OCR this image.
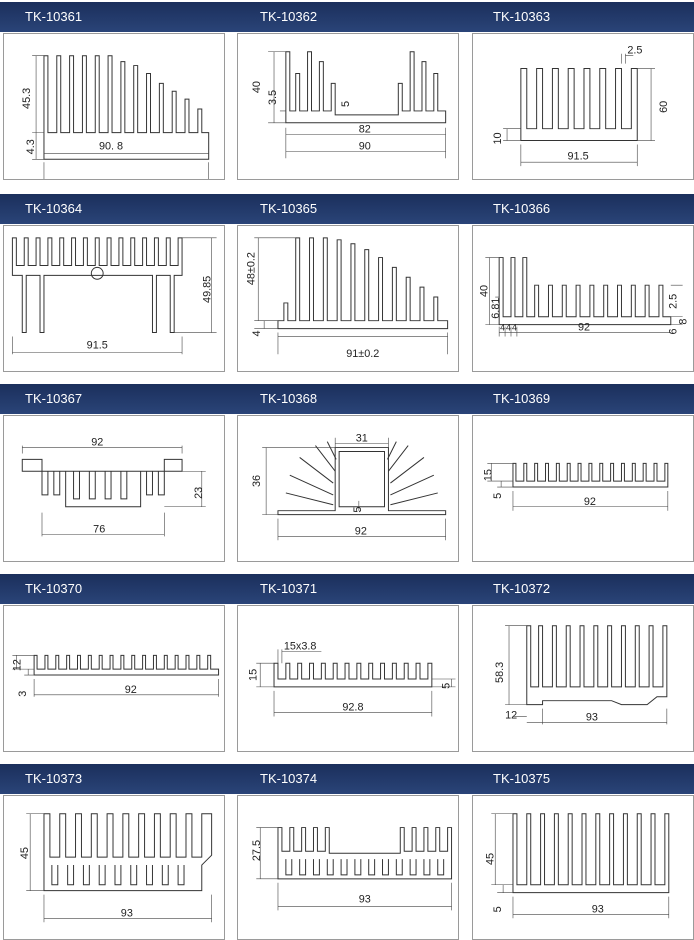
TK-10361	TK-10362	TK-10363
45.3
4.3	90. 8
40
3.5	5
82
90
2.5
60
10
91.5
TK-10364	TK-10365	TK-10366
49.85
91.5
48±0.2
4
91±0.2
40
6.81
4 4 4	92
2.5
6
8
TK-10367	TK-10368	TK-10369
92
23
76
31
36
5
92
15
5	92
TK-10370	TK-10371	TK-10372
12
3	92
15x3.8
15
5
92.8
58.3
12	93
TK-10373	TK-10374	TK-10375
45
93
27.5
93
45
5	93
